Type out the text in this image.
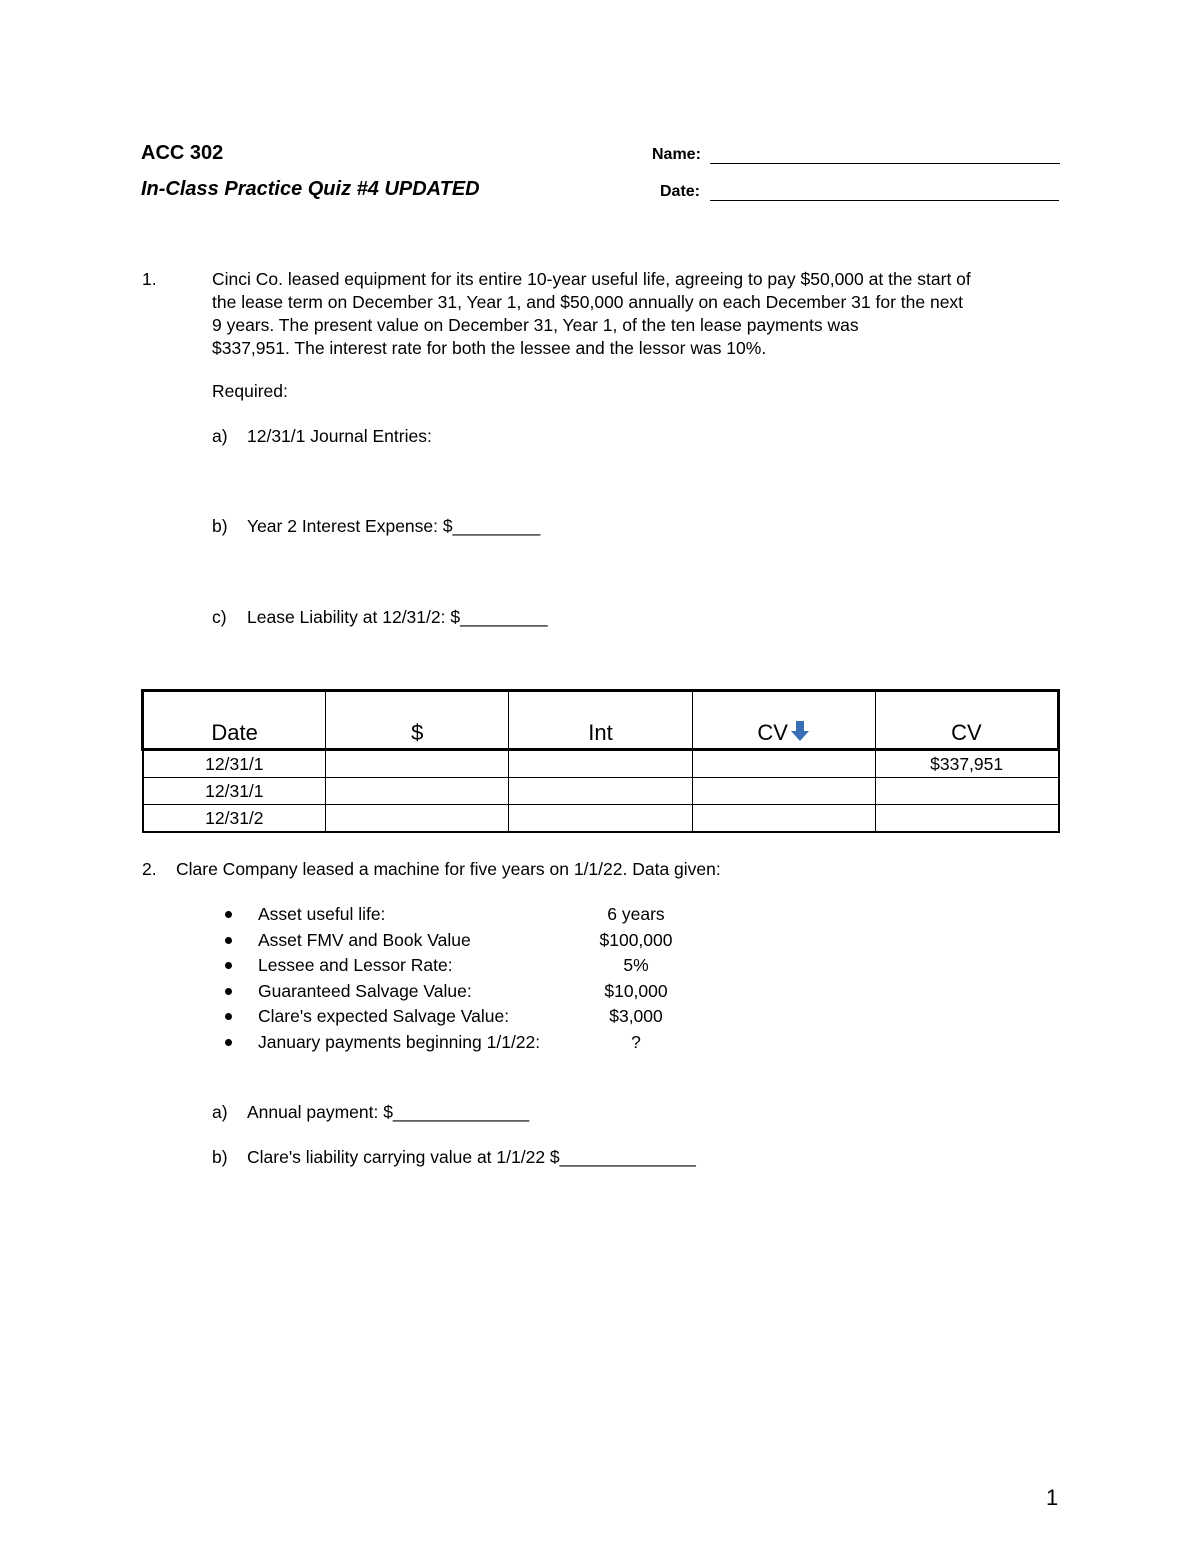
ACC 302
In-Class Practice Quiz #4 UPDATED
Name:
Date:
1.	Cinci Co. leased equipment for its entire 10-year useful life, agreeing to pay $50,000 at the start of
the lease term on December 31, Year 1, and $50,000 annually on each December 31 for the next
9 years. The present value on December 31, Year 1, of the ten lease payments was
$337,951. The interest rate for both the lessee and the lessor was 10%.
Required:
a) 12/31/1 Journal Entries:
b) Year 2 Interest Expense: $_________
c) Lease Liability at 12/31/2: $_________
Date	$	Int	CV	CV
12/31/1				$337,951
12/31/1				
12/31/2				
2. Clare Company leased a machine for five years on 1/1/22. Data given:
Asset useful life:	6 years
Asset FMV and Book Value	$100,000
Lessee and Lessor Rate:	5%
Guaranteed Salvage Value:	$10,000
Clare's expected Salvage Value:	$3,000
January payments beginning 1/1/22:	?
a) Annual payment: $______________
b) Clare's liability carrying value at 1/1/22 $______________
1
